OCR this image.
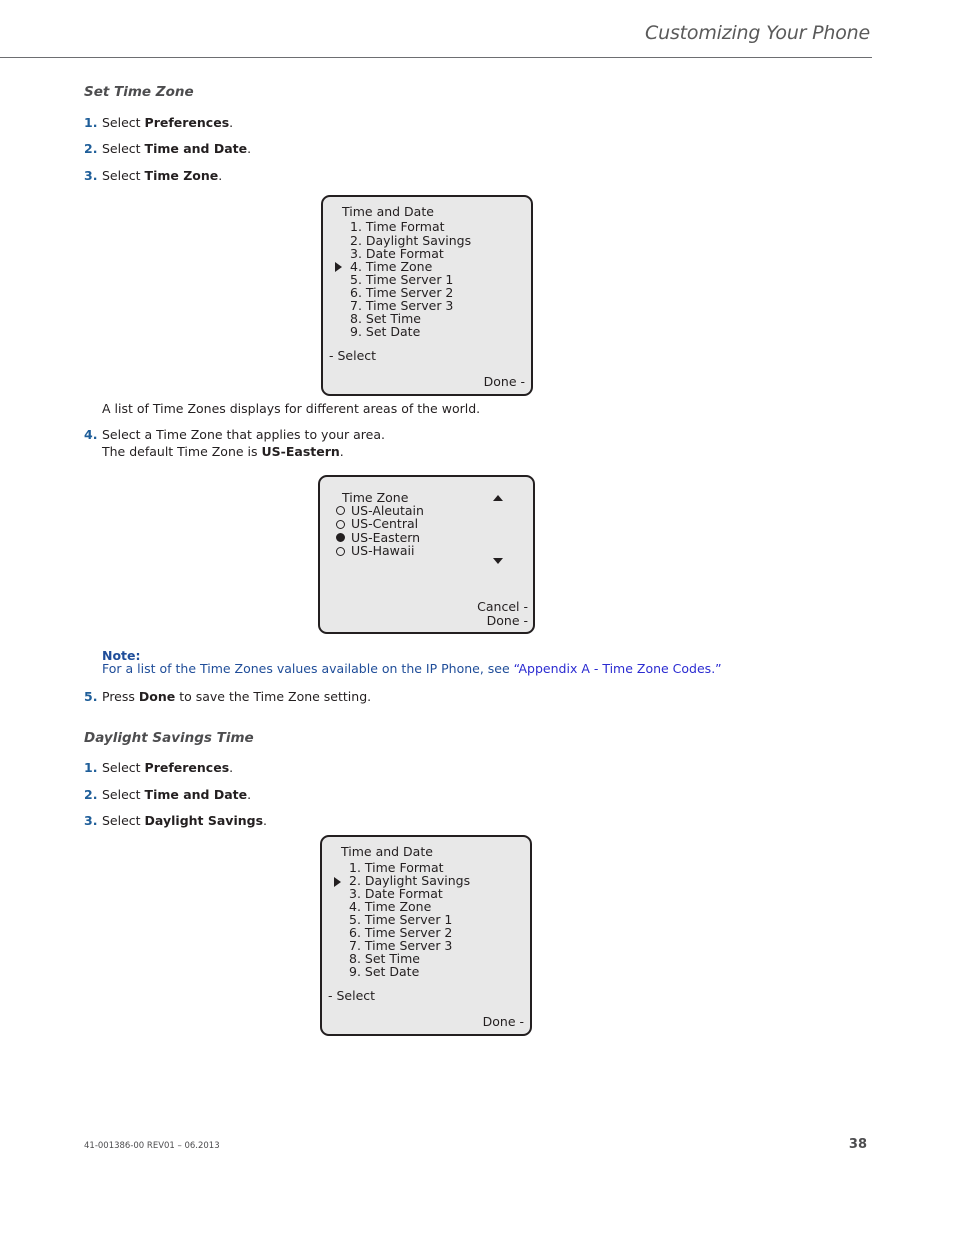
Customizing Your Phone
Set Time Zone
1. Select Preferences.
2. Select Time and Date.
3. Select Time Zone.
Time and Date
1. Time Format
2. Daylight Savings
3. Date Format
4. Time Zone
5. Time Server 1
6. Time Server 2
7. Time Server 3
8. Set Time
9. Set Date
- Select
Done -
A list of Time Zones displays for different areas of the world.
4. Select a Time Zone that applies to your area.
The default Time Zone is US-Eastern.
Time Zone
US-Aleutain
US-Central
US-Eastern
US-Hawaii
Cancel -
Done -
Note:
For a list of the Time Zones values available on the IP Phone, see “Appendix A - Time Zone Codes.”
5. Press Done to save the Time Zone setting.
Daylight Savings Time
1. Select Preferences.
2. Select Time and Date.
3. Select Daylight Savings.
Time and Date
1. Time Format
2. Daylight Savings
3. Date Format
4. Time Zone
5. Time Server 1
6. Time Server 2
7. Time Server 3
8. Set Time
9. Set Date
- Select
Done -
41-001386-00 REV01 – 06.2013	38
